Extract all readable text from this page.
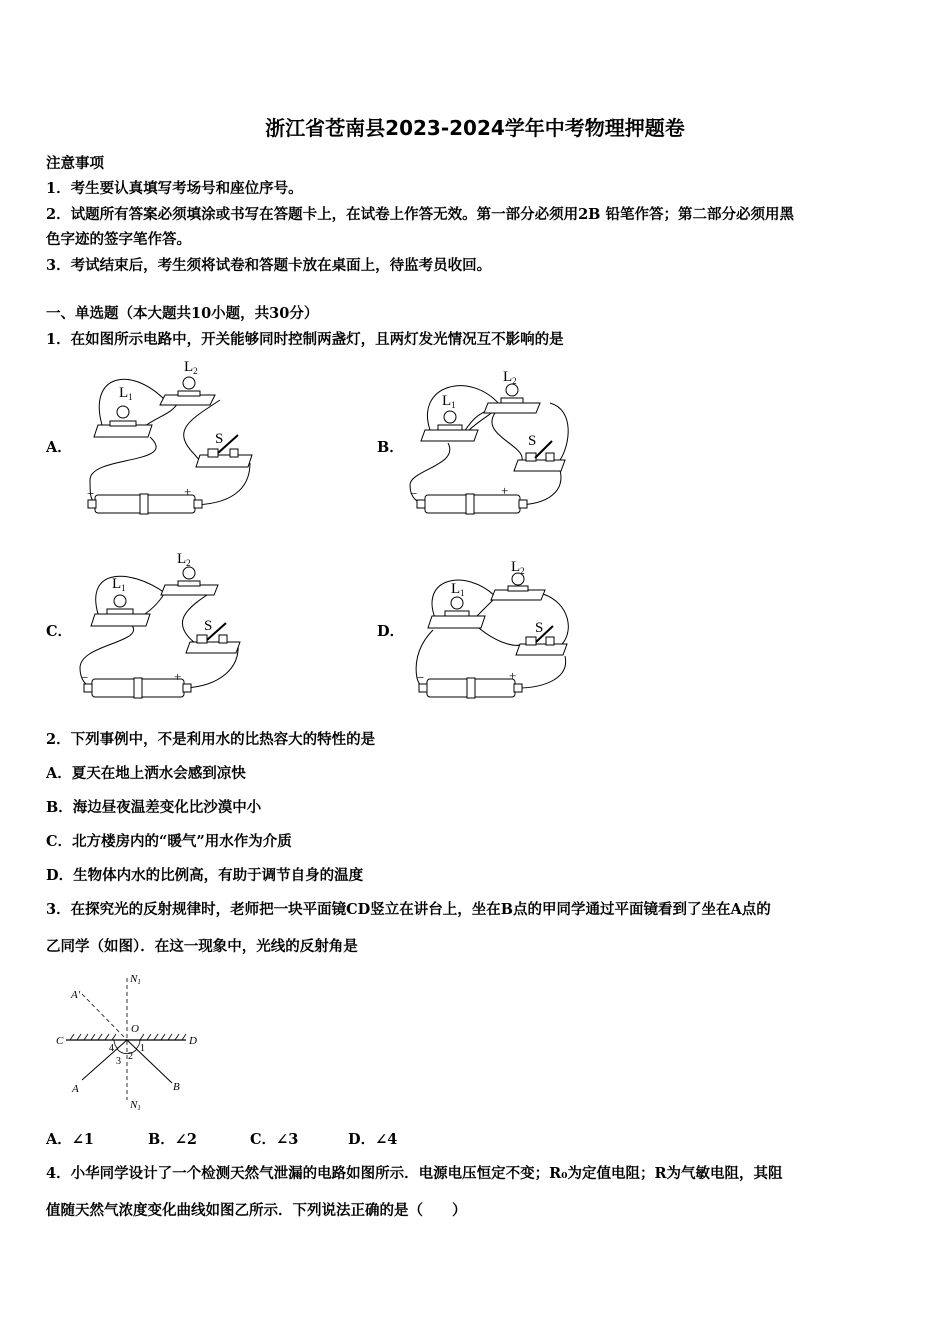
浙江省苍南县2023-2024学年中考物理押题卷
注意事项
1．考生要认真填写考场号和座位序号。
2．试题所有答案必须填涂或书写在答题卡上，在试卷上作答无效。第一部分必须用2B 铅笔作答；第二部分必须用黑
色字迹的签字笔作答。
3．考试结束后，考生须将试卷和答题卡放在桌面上，待监考员收回。
一、单选题（本大题共10小题，共30分）
1．在如图所示电路中，开关能够同时控制两盏灯，且两灯发光情况互不影响的是
A．	B．
C．	D．
$L_1$
$L_2$
S
−	+
$L_1$
$L_2$
S
−	+
$L_1$
$L_2$
S
−	+
$L_1$
$L_2$
S
−	+
2．下列事例中，不是利用水的比热容大的特性的是
A．夏天在地上洒水会感到凉快
B．海边昼夜温差变化比沙漠中小
C．北方楼房内的“暖气”用水作为介质
D．生物体内水的比例高，有助于调节自身的温度
3．在探究光的反射规律时，老师把一块平面镜CD竖立在讲台上，坐在B点的甲同学通过平面镜看到了坐在A点的
乙同学（如图）．在这一现象中，光线的反射角是
A′
N1
N1
O
C	D
A	B
1
2
3
4
A．∠1	B．∠2	C．∠3	D．∠4
4．小华同学设计了一个检测天然气泄漏的电路如图所示．电源电压恒定不变；R₀为定值电阻；R为气敏电阻，其阻
值随天然气浓度变化曲线如图乙所示．下列说法正确的是（　　）
